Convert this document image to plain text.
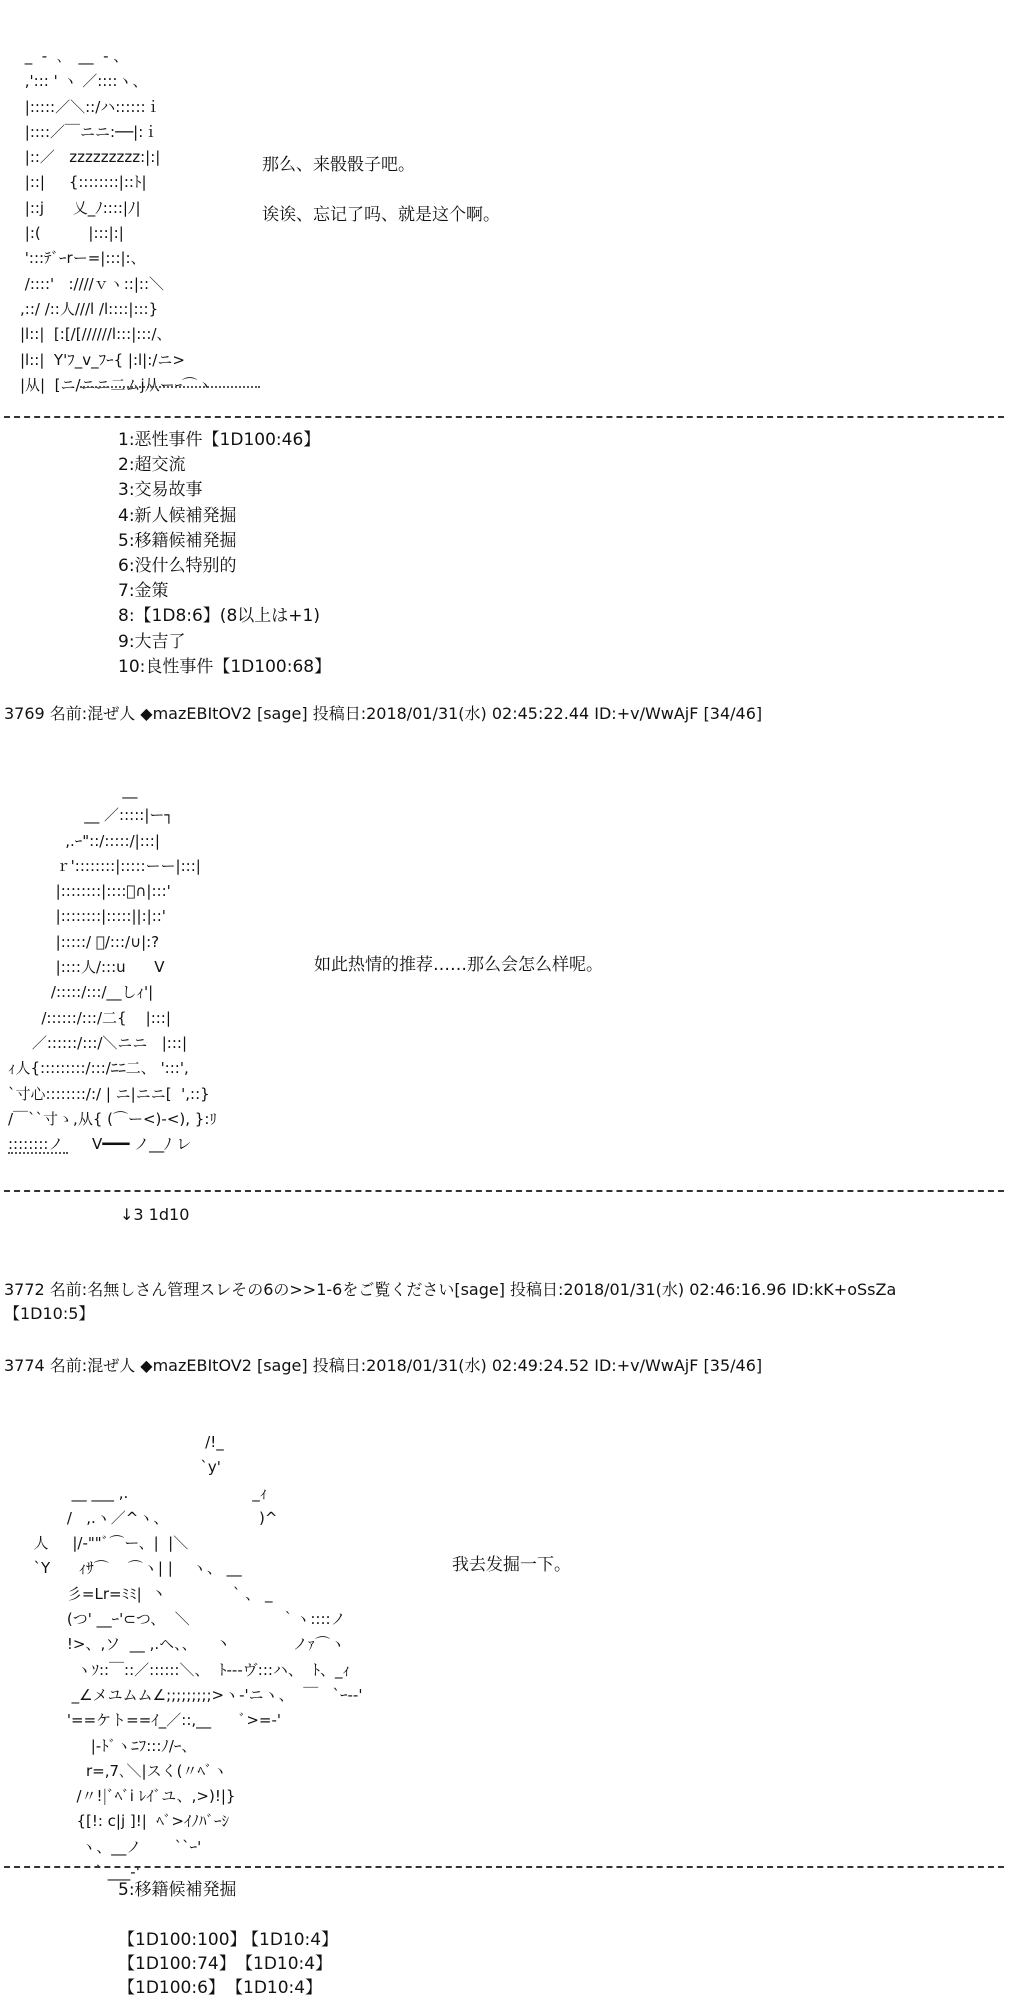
_  -  ､   __  - 、
,'::: ' ヽ ／::::ヽ、
|:::::／＼::/ハ::::::ｉ
|::::／￣ニニ:──|:ｉ
|::／   zzzzzzzzz:|:|
|::|     {::::::::|::ﾄ|
|::j      乂_ﾉ::::|ﾉ|
|:(          |:::|:|
':::ﾃﾞｰrー=|:::|:、
/::::'   :////ｖヽ::|::＼
,::/ /::人///l /l::::|:::}
|l::|  [:[/[//////l:::|:::/、
|l::|  Y'ﾌ_v_ﾌｰ{ |:l|:/ニ>
|从|  [ニ/ニニ二ムj从ーｰ⌒ヽ
那么、来骰骰子吧。
诶诶、忘记了吗、就是这个啊。
1:恶性事件【1D100:46】
2:超交流
3:交易故事
4:新人候補発掘
5:移籍候補発掘
6:没什么特别的
7:金策
8:【1D8:6】(8以上は+1)
9:大吉了
10:良性事件【1D100:68】
3769 名前:混ぜ人 ◆mazEBItOV2 [sage] 投稿日:2018/01/31(水) 02:45:22.44 ID:+v/WwAjF [34/46]
__
__ ／:::::|ー┐
,.ｰ"::/:::::/|:::|
ｒ'::::::::|:::::ーー|:::|
|::::::::|::::ﾞ∩|:::'
|::::::::|:::::||:|::'
|:::::/ ﾞ/:::/∪|:?
|::::人/:::u      V
/:::::/:::/__しｨ'|
/::::::/:::/二{    |:::|
／::::::/:::/＼ニニ   |:::|
ｨ人{:::::::::/:::/ﾆﾆ二、 ':::',
`寸心::::::::/:/ | ニ|ニニ[  ',::}
/￣``寸ゝ,从{ (⌒ー<)-<), }:ﾘ
::::::::ノ      V━━━ ノ__ﾉ レ
如此热情的推荐……那么会怎么样呢。
↓3 1d10
3772 名前:名無しさん管理スレその6の>>1-6をご覧ください[sage] 投稿日:2018/01/31(水) 02:46:16.96 ID:kK+oSsZa
【1D10:5】
3774 名前:混ぜ人 ◆mazEBItOV2 [sage] 投稿日:2018/01/31(水) 02:49:24.52 ID:+v/WwAjF [35/46]
/!_
`y'
__ ___ ,.                          _ｨ
/   ,.ヽ／^ヽ、                   )^
人     |/-""ﾞ⌒ー、|  |＼
`Y      ｨｻ⌒    ⌒ヽ| |    ヽ、 __
彡=Lr=ﾐﾐ|  丶              ` 、 _
(つ' __ｰ'⊂つ、  ＼                   ｀ヽ::::ノ
!>、,ソ  __ ,.ヘ、、    丶             ノｧ⌒ヽ
ヽｿ::￣::／::::::＼、  ﾄ-‐-ヴ:::ハ、  ﾄ、_ｨ
_∠メユムム∠;;;;;;;;;>ヽ-'ニヽ、  ￣   `ｰ-‐'
'==ケト==ｲ_／::,__      ﾞ>=-'
|-ﾄﾞヽﾆﾌ:::ﾉ/ｰ、
r=,7､＼|スく(〃ﾍﾞヽ
/〃!|ﾞﾍﾞi ﾚｲﾞユ、,>)!|}
{[!: c|j ]!|  ﾍﾞ>ｲﾉﾊﾞｰｼ
ヽ、__ノ       ``ｰ'
` ___‐'
我去发掘一下。
5:移籍候補発掘
【1D100:100】
【1D10:4】
【1D100:74】 【1D10:4】
【1D100:6】 【1D10:4】
